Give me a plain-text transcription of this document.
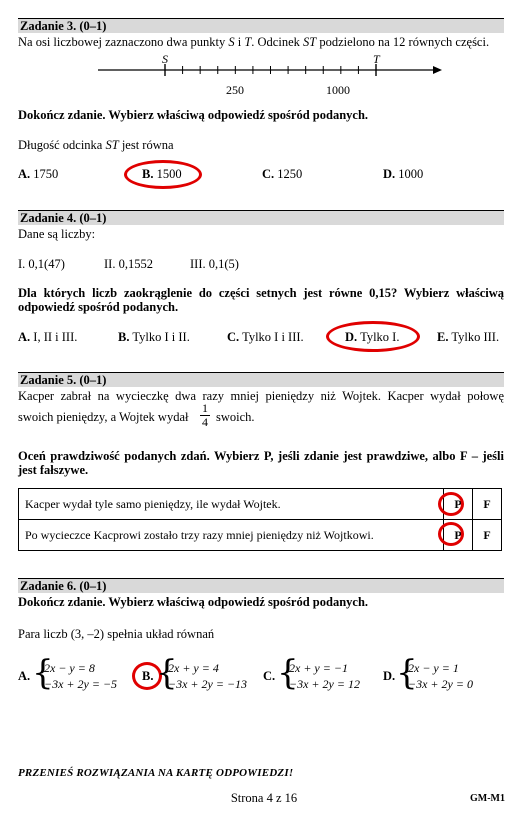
Zadanie 3. (0–1)
Na osi liczbowej zaznaczono dwa punkty S i T. Odcinek ST podzielono na 12 równych części.
S	T
250	1000
Dokończ zdanie. Wybierz właściwą odpowiedź spośród podanych.
Długość odcinka ST jest równa
A. 1750	B. 1500	C. 1250	D. 1000
Zadanie 4. (0–1)
Dane są liczby:
I. 0,1(47)	II. 0,1552	III. 0,1(5)
Dla których liczb zaokrąglenie do części setnych jest równe 0,15? Wybierz właściwą
odpowiedź spośród podanych.
A. I, II i III.	B. Tylko I i II.	C. Tylko I i III.	D. Tylko I.	E. Tylko III.
Zadanie 5. (0–1)
Kacper zabrał na wycieczkę dwa razy mniej pieniędzy niż Wojtek. Kacper wydał połowę
swoich pieniędzy, a Wojtek wydał $\frac{1}{4}$ swoich.
Oceń prawdziwość podanych zdań. Wybierz P, jeśli zdanie jest prawdziwe, albo F – jeśli
jest fałszywe.
Kacper wydał tyle samo pieniędzy, ile wydał Wojtek.	P	F
Po wycieczce Kacprowi zostało trzy razy mniej pieniędzy niż Wojtkowi.	P	F
Zadanie 6. (0–1)
Dokończ zdanie. Wybierz właściwą odpowiedź spośród podanych.
Para liczb (3, –2) spełnia układ równań
A. {
2x − y = 8
−3x + 2y = −5
B. {
2x + y = 4
−3x + 2y = −13
C. {
2x + y = −1
−3x + 2y = 12
D. {
2x − y = 1
−3x + 2y = 0
PRZENIEŚ ROZWIĄZANIA NA KARTĘ ODPOWIEDZI!
Strona 4 z 16	GM-M1
